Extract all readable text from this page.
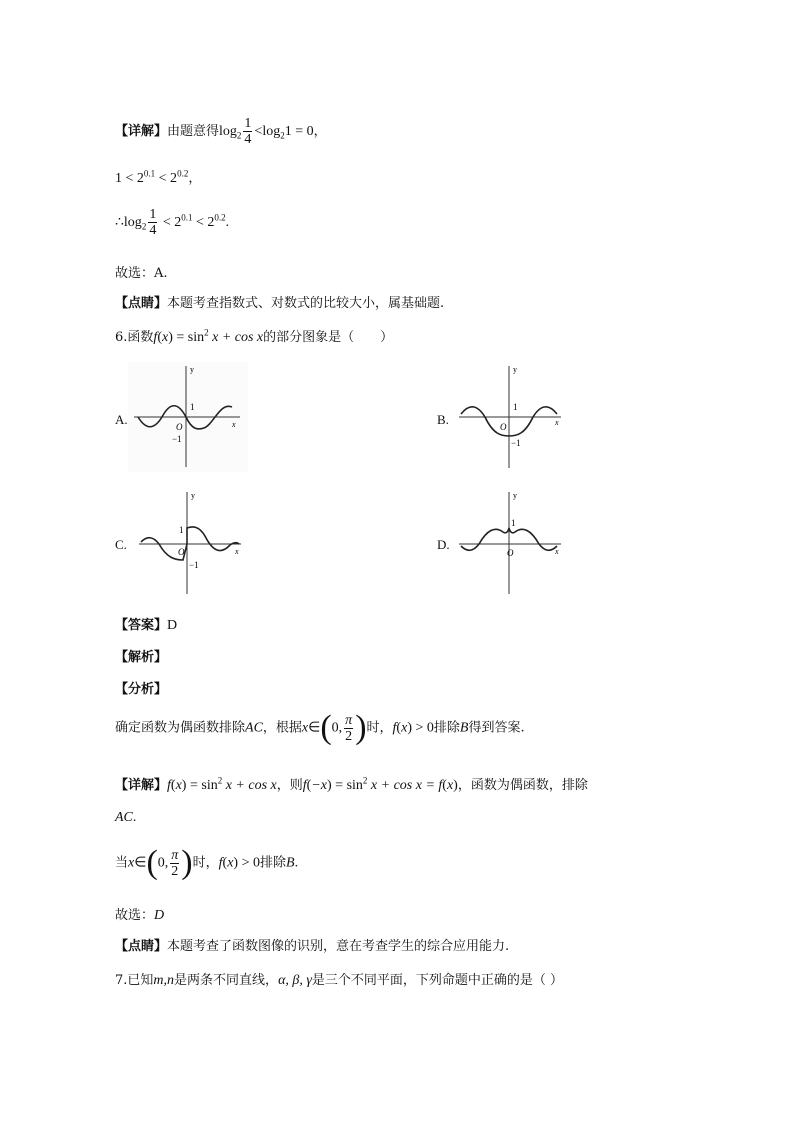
【详解】由题意得$\log_2 \frac{1}{4} <\log_21 = 0$，
$1 < 2^{0.1} < 2^{0.2}$，
$\therefore\log_2 \frac{1}{4} < 2^{0.1} < 2^{0.2}$.
故选：A.
【点睛】本题考查指数式、对数式的比较大小，属基础题.
6.函数$f(x) = \sin^2 x + \cos x$的部分图象是（　　）
A.
y
x
1
O
−1
B.
y
x
1
O
−1
C.
y
x
1
O
−1
D.
y
x
1
O
【答案】D
【解析】
【分析】
确定函数为偶函数排除AC，根据x∈(0, $\frac{\pi}{2}$ )时，f(x) > 0排除B得到答案.
【详解】$f(x) = \sin^2 x + \cos x$，则$f(-x) = \sin^2 x + \cos x = f(x)$，函数为偶函数，排除
AC.
当x∈(0, $\frac{\pi}{2}$ )时，f(x) > 0排除B.
故选：D
【点睛】本题考查了函数图像的识别，意在考查学生的综合应用能力.
7.已知m,n是两条不同直线，α, β, γ是三个不同平面，下列命题中正确的是（ ）
